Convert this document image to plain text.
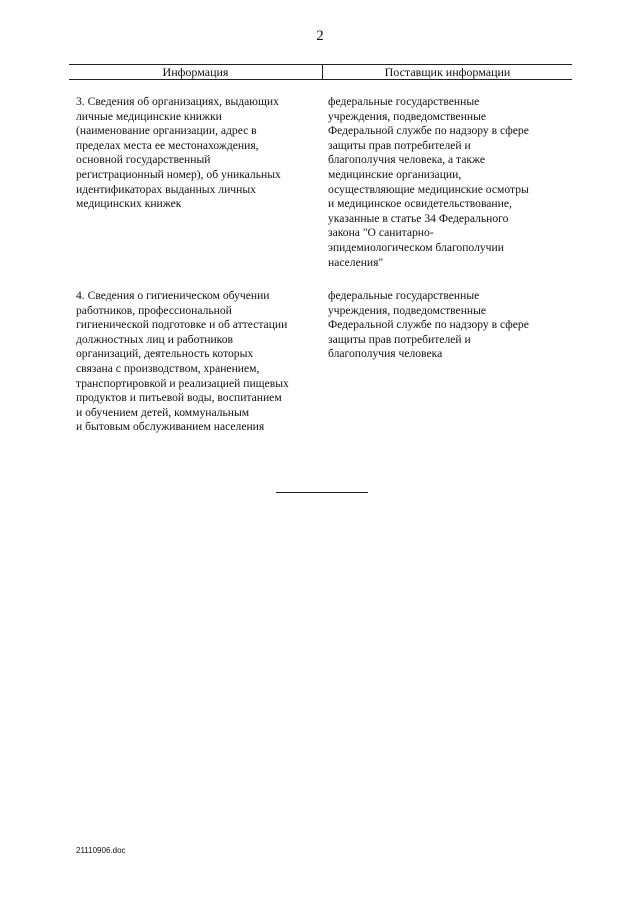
2
Информация	Поставщик информации
3. Сведения об организациях, выдающих
личные медицинские книжки
(наименование организации, адрес в
пределах места ее местонахождения,
основной государственный
регистрационный номер), об уникальных
идентификаторах выданных личных
медицинских книжек
федеральные государственные
учреждения, подведомственные
Федеральной службе по надзору в сфере
защиты прав потребителей и
благополучия человека, а также
медицинские организации,
осуществляющие медицинские осмотры
и медицинское освидетельствование,
указанные в статье 34 Федерального
закона "О санитарно-
эпидемиологическом благополучии
населения"
4. Сведения о гигиеническом обучении
работников, профессиональной
гигиенической подготовке и об аттестации
должностных лиц и работников
организаций, деятельность которых
связана с производством, хранением,
транспортировкой и реализацией пищевых
продуктов и питьевой воды, воспитанием
и обучением детей, коммунальным
и бытовым обслуживанием населения
федеральные государственные
учреждения, подведомственные
Федеральной службе по надзору в сфере
защиты прав потребителей и
благополучия человека
21110906.doc
